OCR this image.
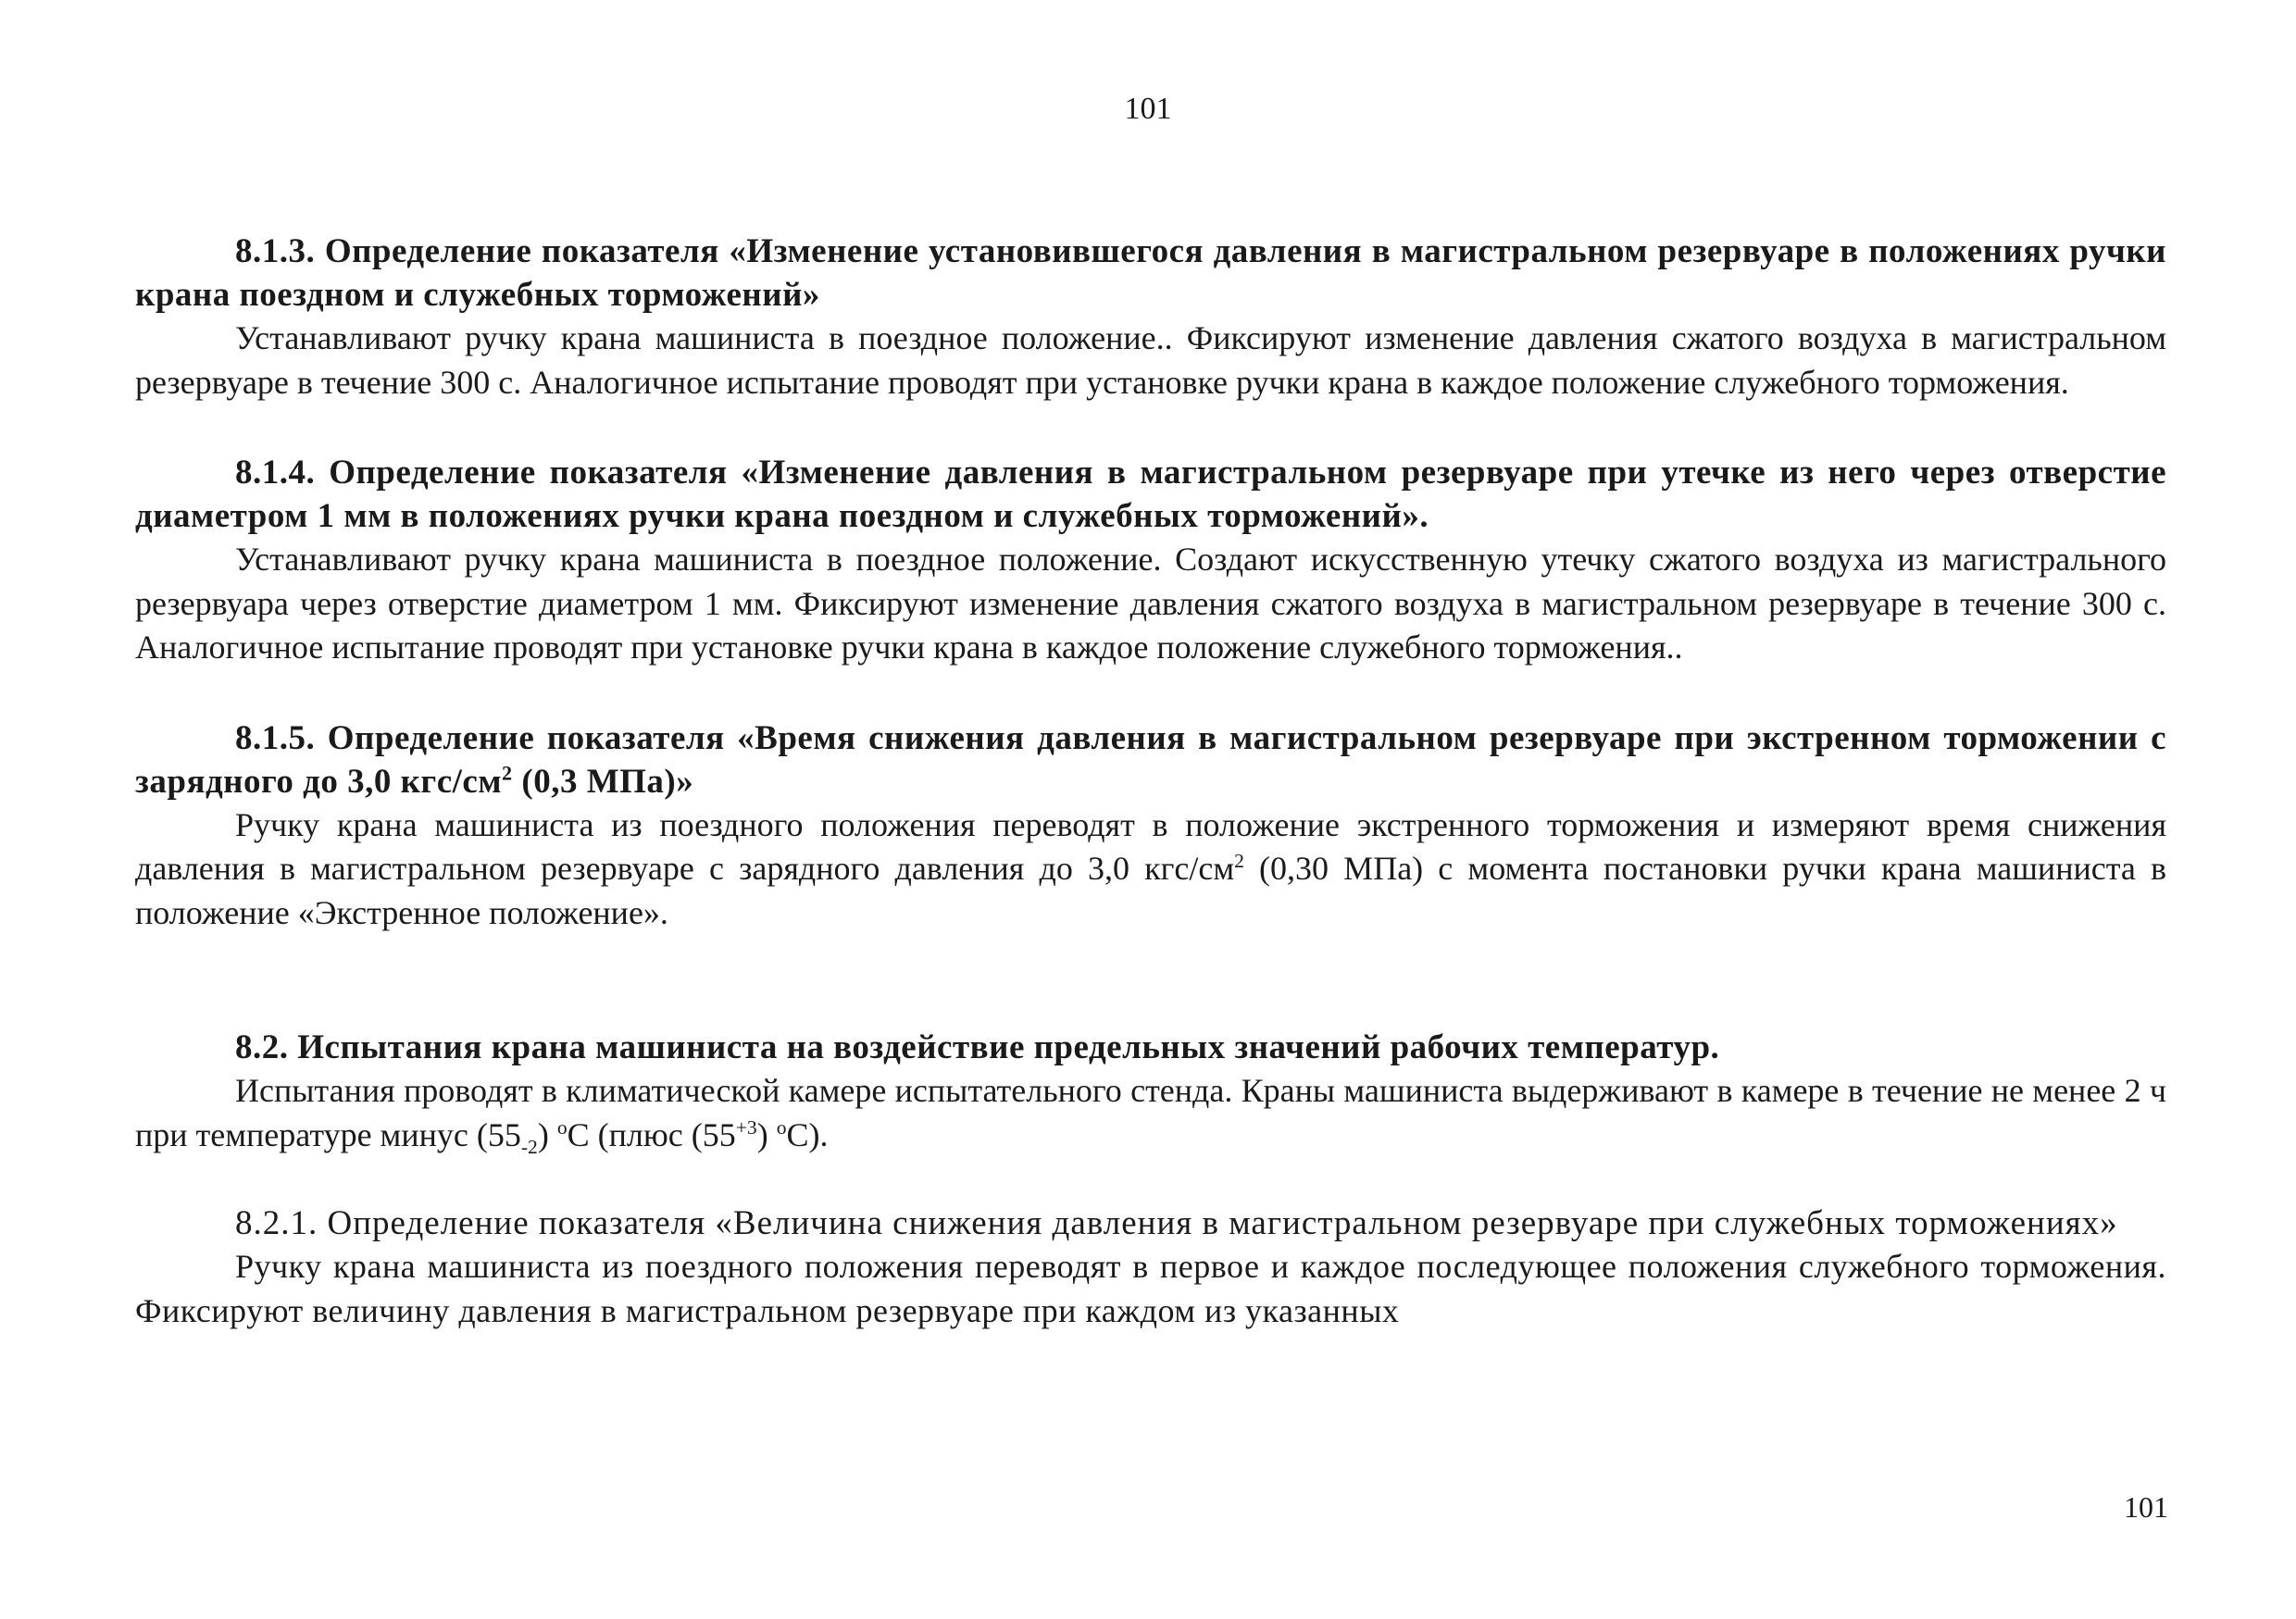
101

8.1.3. Определение показателя «Изменение установившегося давления в магистральном резервуаре в положениях ручки крана поездном и служебных торможений»

Устанавливают ручку крана машиниста в поездное положение.. Фиксируют изменение давления сжатого воздуха в магистральном резервуаре в течение 300 с. Аналогичное испытание проводят при установке ручки крана в каждое положение служебного торможения.

8.1.4. Определение показателя «Изменение давления в магистральном резервуаре при утечке из него через отверстие диаметром 1 мм в положениях ручки крана поездном и служебных торможений».

Устанавливают ручку крана машиниста в поездное положение. Создают искусственную утечку сжатого воздуха из магистрального резервуара через отверстие диаметром 1 мм. Фиксируют изменение давления сжатого воздуха в магистральном резервуаре в течение 300 с. Аналогичное испытание проводят при установке ручки крана в каждое положение служебного торможения..

8.1.5. Определение показателя «Время снижения давления в магистральном резервуаре при экстренном торможении с зарядного до 3,0 кгс/$см^2$ (0,3 МПа)»

Ручку крана машиниста из поездного положения переводят в положение экстренного торможения и измеряют время снижения давления в магистральном резервуаре с зарядного давления до 3,0 кгс/$см^2$ (0,30 МПа) с момента постановки ручки крана машиниста в положение «Экстренное положение».

8.2. Испытания крана машиниста на воздействие предельных значений рабочих температур.

Испытания проводят в климатической камере испытательного стенда. Краны машиниста выдерживают в камере в течение не менее 2 ч при температуре минус $(55_{-2})$ $^о$С (плюс $(55^{+3})$ $^о$С).

8.2.1. Определение показателя «Величина снижения давления в магистральном резервуаре при служебных торможениях»

Ручку крана машиниста из поездного положения переводят в первое и каждое последующее положения служебного торможения. Фиксируют величину давления в магистральном резервуаре при каждом из указанных

101
